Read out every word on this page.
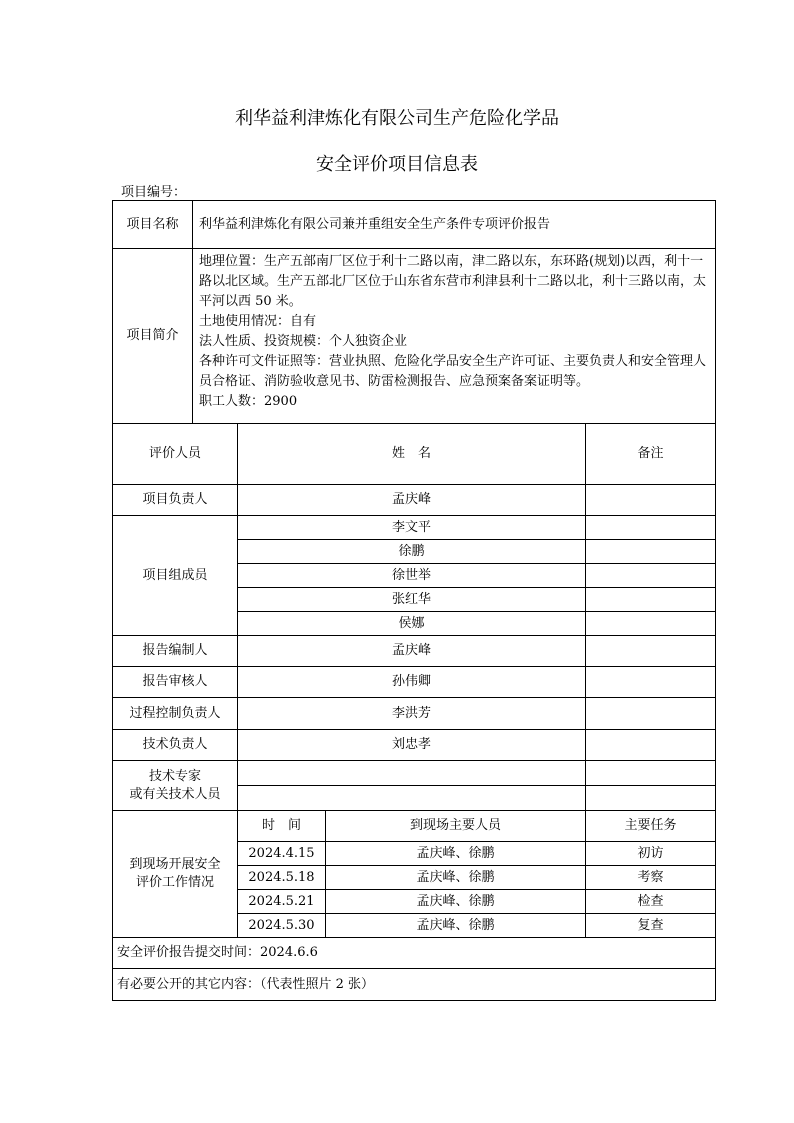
利华益利津炼化有限公司生产危险化学品
安全评价项目信息表
项目编号：
项目名称	利华益利津炼化有限公司兼并重组安全生产条件专项评价报告			
项目简介	地理位置：生产五部南厂区位于利十二路以南，津二路以东，东环路(规划)以西，利十一路以北区域。生产五部北厂区位于山东省东营市利津县利十二路以北，利十三路以南，太平河以西 50 米。

土地使用情况：自有

法人性质、投资规模：个人独资企业

各种许可文件证照等：营业执照、危险化学品安全生产许可证、主要负责人和安全管理人员合格证、消防验收意见书、防雷检测报告、应急预案备案证明等。

职工人数：2900			

评价人员		姓　名		备注
项目负责人		孟庆峰		
项目组成员		李文平		
		徐鹏		
		徐世举		
		张红华		
		侯娜		
报告编制人		孟庆峰		
报告审核人		孙伟卿		
过程控制负责人		李洪芳		
技术负责人		刘忠孝		
技术专家
或有关技术人员				

到现场开展安全
评价工作情况		时　间	到现场主要人员	主要任务
		2024.4.15	孟庆峰、徐鹏	初访
		2024.5.18	孟庆峰、徐鹏	考察
		2024.5.21	孟庆峰、徐鹏	检查
		2024.5.30	孟庆峰、徐鹏	复查
安全评价报告提交时间：2024.6.6				
有必要公开的其它内容：（代表性照片 2 张）				
